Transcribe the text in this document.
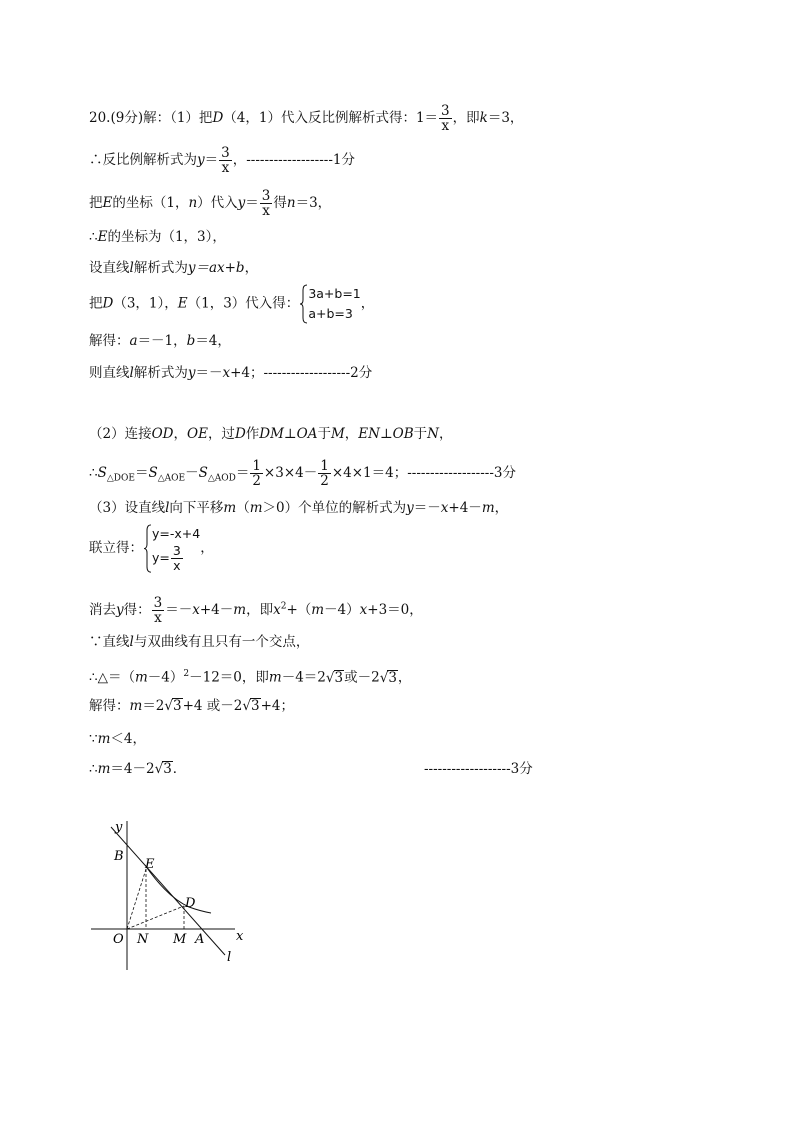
20.(9分)解：（1）把D（4，1）代入反比例解析式得：$1= \frac{3}{x}$ ，即k＝3，
∴反比例解析式为$y= \frac{3}{x}$ ，-------------------1分
把E的坐标（1，n）代入$y= \frac{3}{x}$ 得n＝3，
∴E的坐标为（1，3），
设直线l解析式为y＝ax+b，
把D（3，1），E（1，3）代入得：
3a+b=1
a+b=3
，
解得：a＝－1，b＝4，
则直线l解析式为y＝－x+4；-------------------2分
（2）连接OD，OE，过D作DM⊥OA于M，EN⊥OB于N，
$\therefore S_{\triangle DOE}=S_{\triangle AOE}-S_{\triangle AOD}= \frac{1}{2} \times 3\times 4- \frac{1}{2} \times 4\times 1=4$；-------------------3分
（3）设直线l向下平移m（m＞0）个单位的解析式为y＝－x+4－m，
联立得：
y=-x+4
$y= \frac{3}{x}$ ，
消去y得： $\frac{3}{x} =-x+4-m$，即$x^2+(m-4)x+3=0$，
∵直线l与双曲线有且只有一个交点，
$\therefore\triangle=(m-4)^2-12=0$，即m－4＝2√3或－2√3，
解得：m＝2√3+4 或－2√3+4；
∵m＜4，
∴m＝4－2√3．	-------------------3分
y
x
O
B
E
D
N M A
l
